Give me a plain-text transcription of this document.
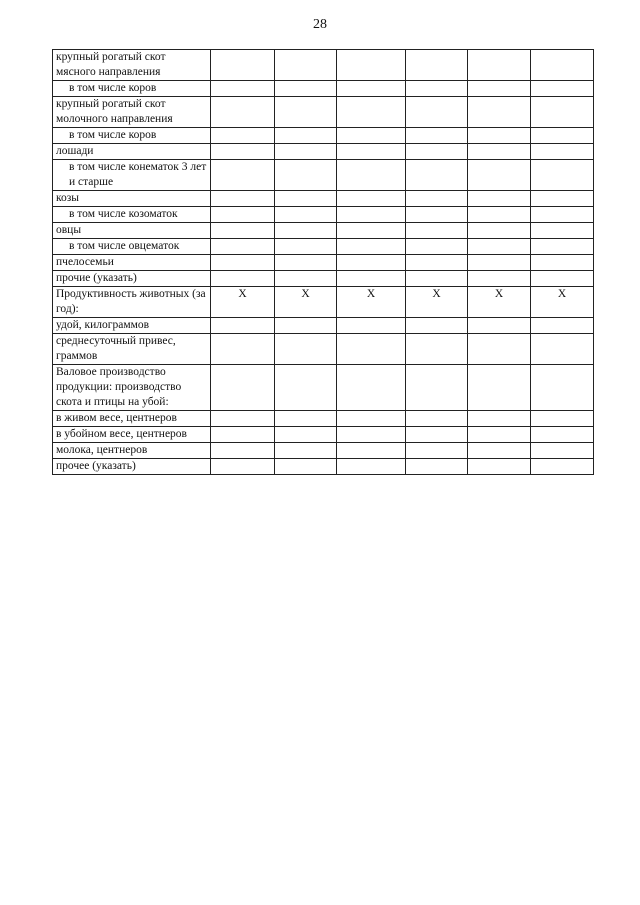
28
крупный рогатый скот мясного направления						
в том числе коров						
крупный рогатый скот молочного направления						
в том числе коров						
лошади						
в том числе конематок 3 лет и старше						
козы						
в том числе козоматок						
овцы						
в том числе овцематок						
пчелосемьи						
прочие (указать)						
Продуктивность животных (за год):	X	X	X	X	X	X
удой, килограммов						
среднесуточный привес, граммов						
Валовое производство продукции: производство скота и птицы на убой:						
в живом весе, центнеров						
в убойном весе, центнеров						
молока, центнеров						
прочее (указать)						
